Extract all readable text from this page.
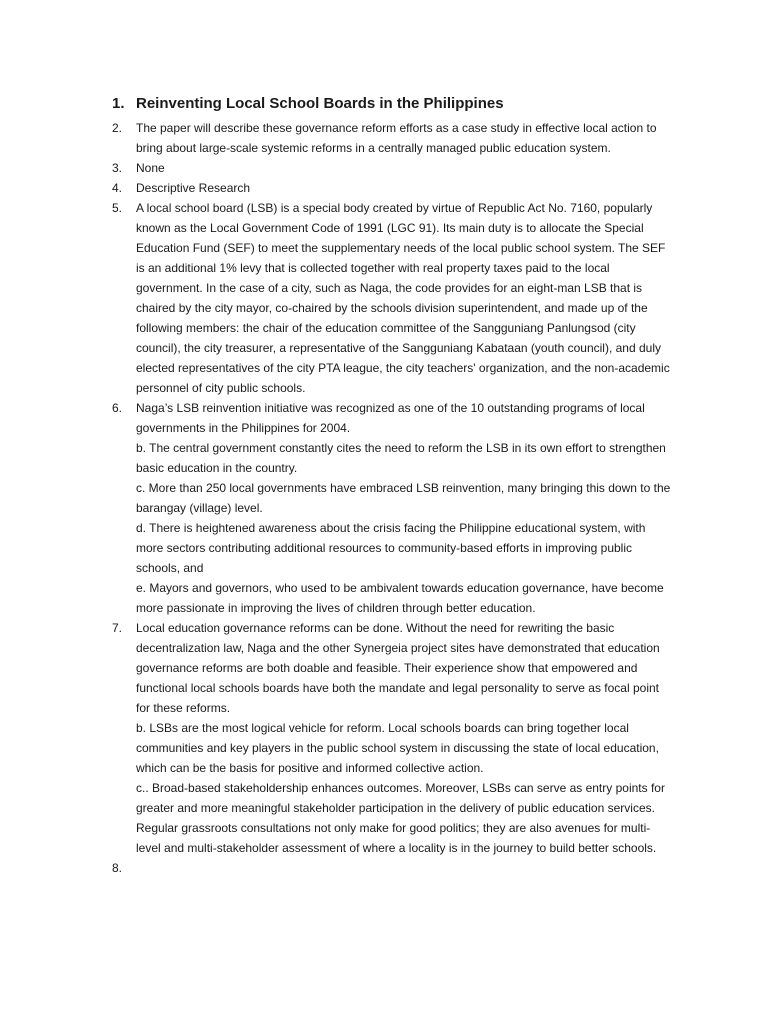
1. Reinventing Local School Boards in the Philippines

2.	The paper will describe these governance reform efforts as a case study in effective local action to bring about large-scale systemic reforms in a centrally managed public education system.

3.	None

4.	Descriptive Research

5.	A local school board (LSB) is a special body created by virtue of Republic Act No. 7160, popularly known as the Local Government Code of 1991 (LGC 91). Its main duty is to allocate the Special Education Fund (SEF) to meet the supplementary needs of the local public school system. The SEF is an additional 1% levy that is collected together with real property taxes paid to the local government. In the case of a city, such as Naga, the code provides for an eight-man LSB that is chaired by the city mayor, co-chaired by the schools division superintendent, and made up of the following members: the chair of the education committee of the Sangguniang Panlungsod (city council), the city treasurer, a representative of the Sangguniang Kabataan (youth council), and duly elected representatives of the city PTA league, the city teachers' organization, and the non-academic personnel of city public schools.

6.	Naga’s LSB reinvention initiative was recognized as one of the 10 outstanding programs of local governments in the Philippines for 2004.

b. The central government constantly cites the need to reform the LSB in its own effort to strengthen basic education in the country.

c. More than 250 local governments have embraced LSB reinvention, many bringing this down to the barangay (village) level.

d. There is heightened awareness about the crisis facing the Philippine educational system, with more sectors contributing additional resources to community-based efforts in improving public schools, and

e. Mayors and governors, who used to be ambivalent towards education governance, have become more passionate in improving the lives of children through better education.

7.	Local education governance reforms can be done. Without the need for rewriting the basic decentralization law, Naga and the other Synergeia project sites have demonstrated that education governance reforms are both doable and feasible. Their experience show that empowered and functional local schools boards have both the mandate and legal personality to serve as focal point for these reforms.

b. LSBs are the most logical vehicle for reform. Local schools boards can bring together local communities and key players in the public school system in discussing the state of local education, which can be the basis for positive and informed collective action.

c.. Broad-based stakeholdership enhances outcomes. Moreover, LSBs can serve as entry points for greater and more meaningful stakeholder participation in the delivery of public education services. Regular grassroots consultations not only make for good politics; they are also avenues for multi-level and multi-stakeholder assessment of where a locality is in the journey to build better schools.

8.
